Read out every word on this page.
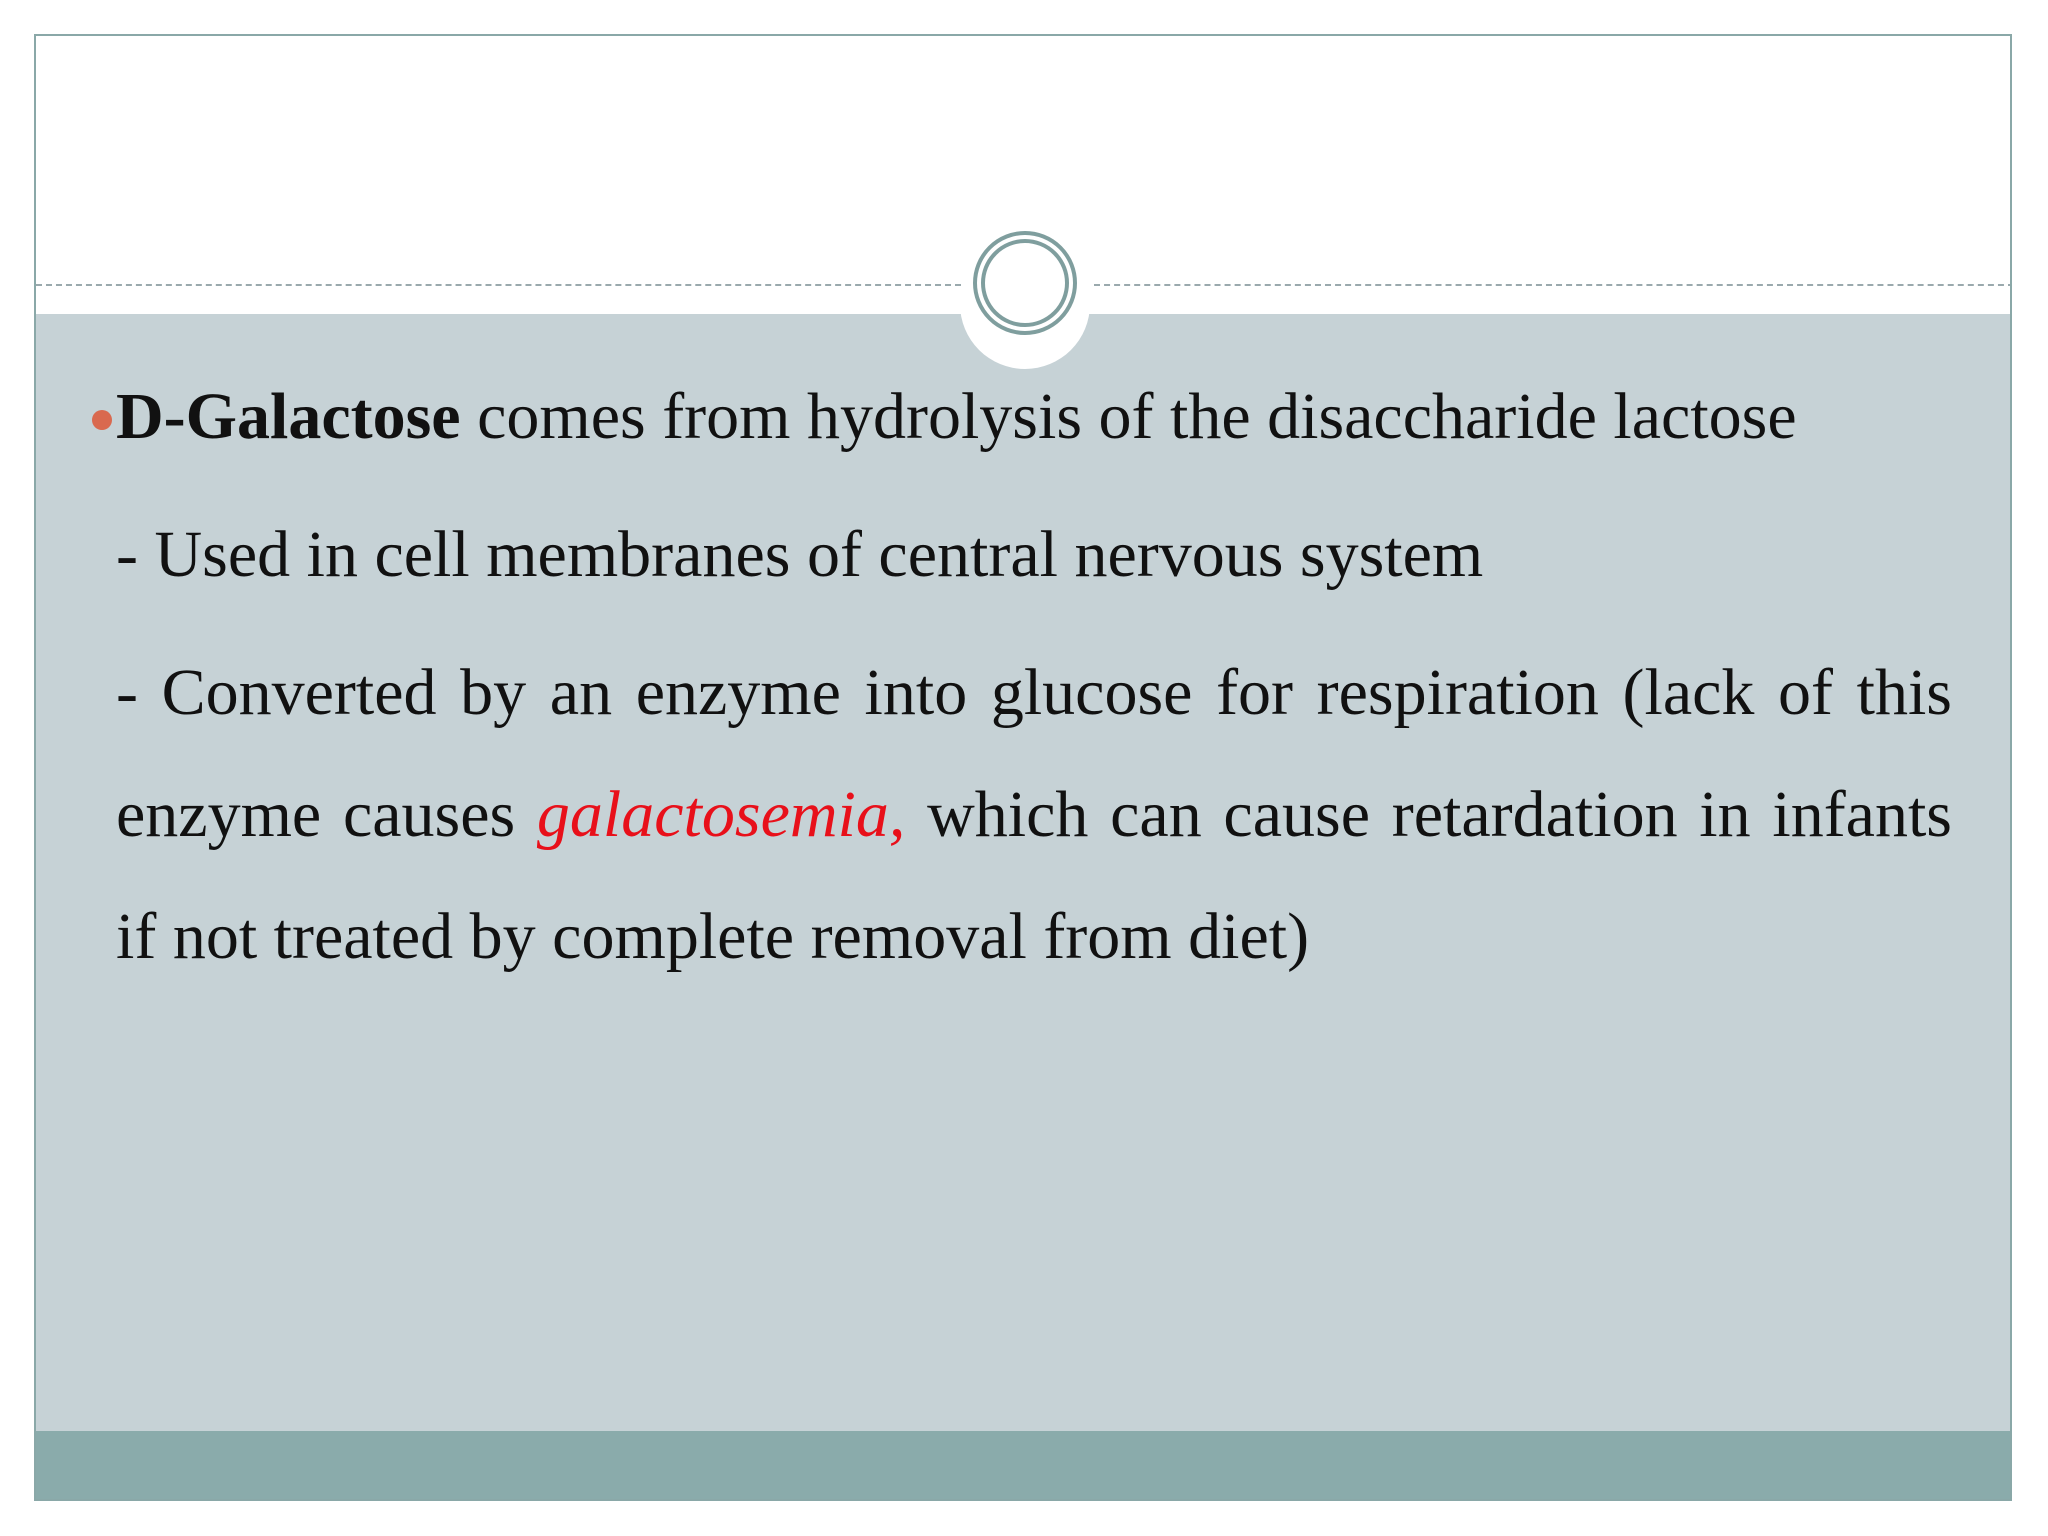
D-Galactose comes from hydrolysis of the disaccharide lactose

- Used in cell membranes of central nervous system

- Converted by an enzyme into glucose for respiration (lack of this enzyme causes galactosemia, which can cause retardation in infants if not treated by complete removal from diet)
